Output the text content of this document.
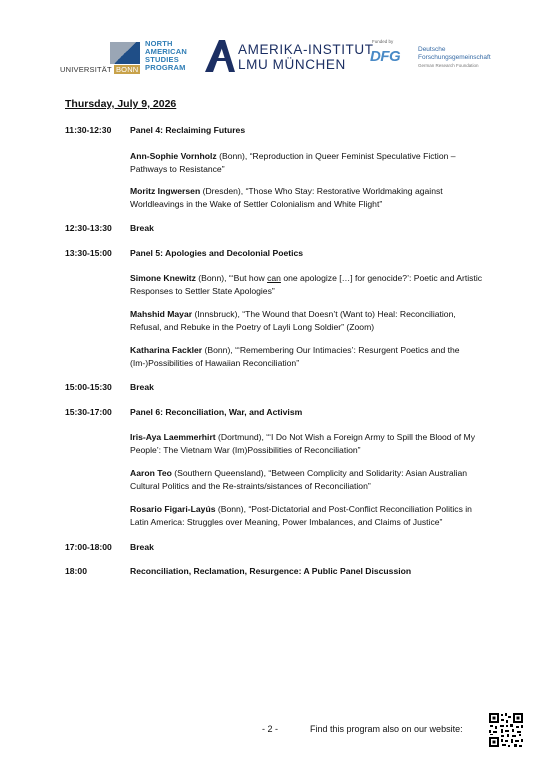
UNIVERSITÄT BONN
NORTH
AMERICAN
STUDIES
PROGRAM
AMERIKA-INSTITUT
LMU MÜNCHEN
Funded by
DFG	Deutsche
Forschungsgemeinschaft
German Research Foundation
Thursday, July 9, 2026
11:30-12:30 Panel 4: Reclaiming Futures
Ann-Sophie Vornholz (Bonn), “Reproduction in Queer Feminist Speculative Fiction – Pathways to Resistance”
Moritz Ingwersen (Dresden), “Those Who Stay: Restorative Worldmaking against Worldleavings in the Wake of Settler Colonialism and White Flight”
12:30-13:30 Break
13:30-15:00 Panel 5: Apologies and Decolonial Poetics
Simone Knewitz (Bonn), “‘But how can one apologize […] for genocide?’: Poetic and Artistic Responses to Settler State Apologies”
Mahshid Mayar (Innsbruck), “The Wound that Doesn’t (Want to) Heal: Reconciliation, Refusal, and Rebuke in the Poetry of Layli Long Soldier” (Zoom)
Katharina Fackler (Bonn), “‘Remembering Our Intimacies’: Resurgent Poetics and the (Im-)Possibilities of Hawaiian Reconciliation”
15:00-15:30 Break
15:30-17:00 Panel 6: Reconciliation, War, and Activism
Iris-Aya Laemmerhirt (Dortmund), “‘I Do Not Wish a Foreign Army to Spill the Blood of My People’: The Vietnam War (Im)Possibilities of Reconciliation”
Aaron Teo (Southern Queensland), “Between Complicity and Solidarity: Asian Australian Cultural Politics and the Re-straints/sistances of Reconciliation”
Rosario Figari-Layús (Bonn), “Post-Dictatorial and Post-Conflict Reconciliation Politics in Latin America: Struggles over Meaning, Power Imbalances, and Claims of Justice”
17:00-18:00 Break
18:00	Reconciliation, Reclamation, Resurgence: A Public Panel Discussion
- 2 -	Find this program also on our website:
